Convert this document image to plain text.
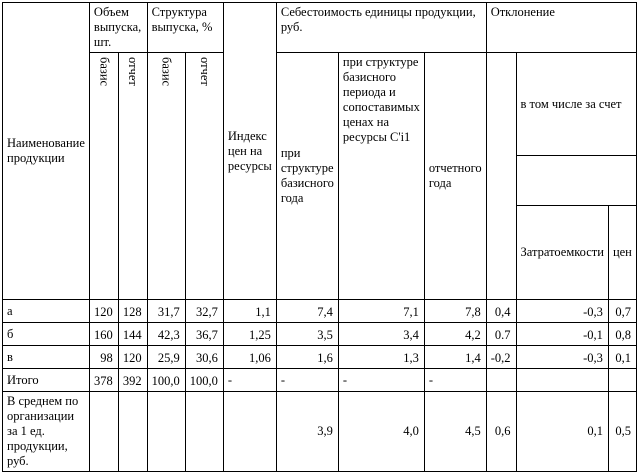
Наименование продукции	Объем выпуска, шт.		Структура выпуска, %		Индекс цен на ресурсы	Себестоимость единицы продукции, руб.			Отклонение		

	базис	отчет	базис	отчет		при структуре базисного года	при структуре базисного периода и сопоставимых ценах на ресурсы C'i1	отчетного года		в том числе за счет	

										Затратоемкости	цен
а	120	128	31,7	32,7	1,1	7,4	7,1	7,8	0,4	-0,3	0,7
б	160	144	42,3	36,7	1,25	3,5	3,4	4,2	0.7	-0,1	0,8
в	98	120	25,9	30,6	1,06	1,6	1,3	1,4	-0,2	-0,3	0,1
Итого	378	392	100,0	100,0	-	-	-	-			
В среднем по организации за 1 ед. продукции, руб.						3,9	4,0	4,5	0,6	0,1	0,5
